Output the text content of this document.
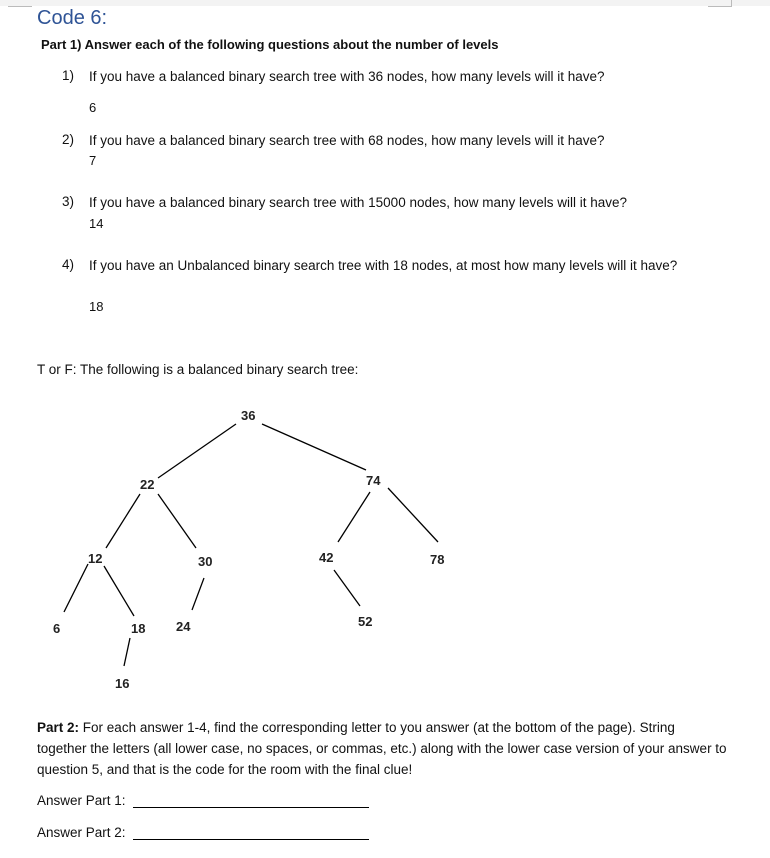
Code 6:
Part 1) Answer each of the following questions about the number of levels
1) If you have a balanced binary search tree with 36 nodes, how many levels will it have?
6
2) If you have a balanced binary search tree with 68 nodes, how many levels will it have?
7
3) If you have a balanced binary search tree with 15000 nodes, how many levels will it have?
14
4) If you have an Unbalanced binary search tree with 18 nodes, at most how many levels will it have?
18
T or F: The following is a balanced binary search tree:
36
22	74
12	30	42	78
6	18 24	52
16
Part 2: For each answer 1-4, find the corresponding letter to you answer (at the bottom of the page). String together the letters (all lower case, no spaces, or commas, etc.) along with the lower case version of your answer to question 5, and that is the code for the room with the final clue!
Answer Part 1:
Answer Part 2:
